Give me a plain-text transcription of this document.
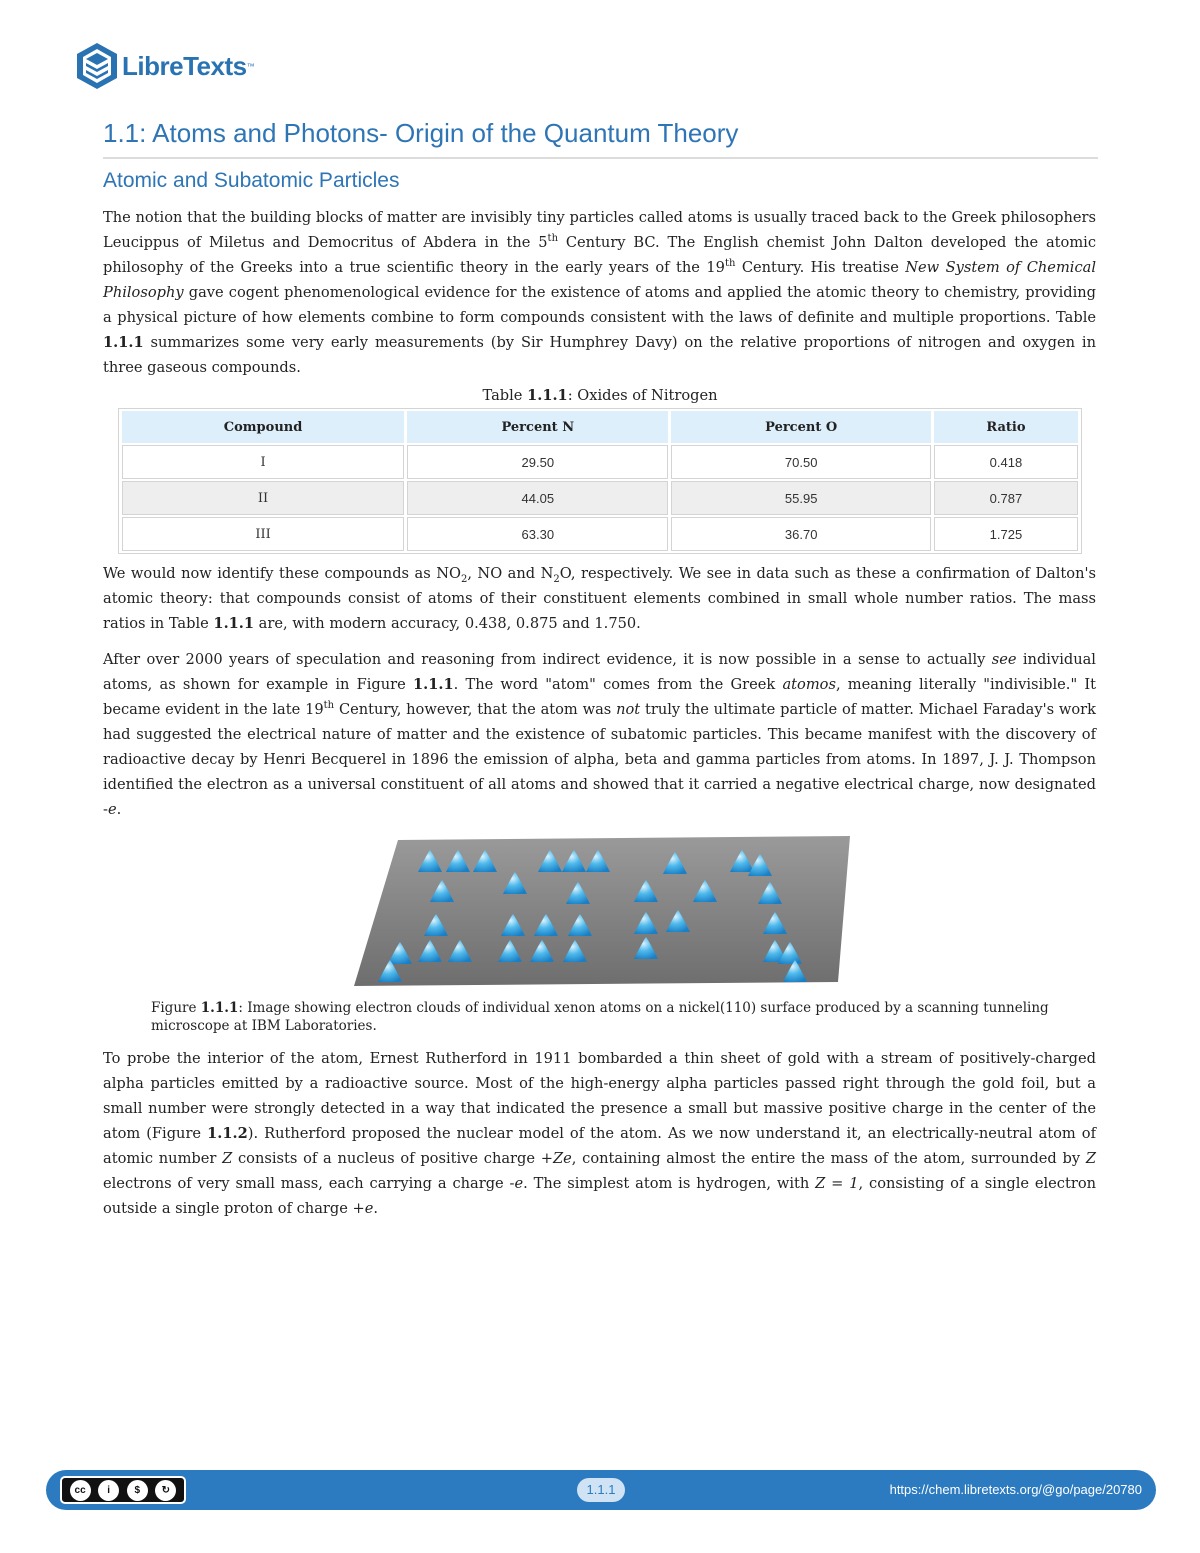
LibreTexts ™
1.1: Atoms and Photons- Origin of the Quantum Theory
Atomic and Subatomic Particles

The notion that the building blocks of matter are invisibly tiny particles called atoms is usually traced back to the Greek philosophers Leucippus of Miletus and Democritus of Abdera in the 5th Century BC. The English chemist John Dalton developed the atomic philosophy of the Greeks into a true scientific theory in the early years of the 19th Century. His treatise New System of Chemical Philosophy gave cogent phenomenological evidence for the existence of atoms and applied the atomic theory to chemistry, providing a physical picture of how elements combine to form compounds consistent with the laws of definite and multiple proportions. Table 1.1.1 summarizes some very early measurements (by Sir Humphrey Davy) on the relative proportions of nitrogen and oxygen in three gaseous compounds.

Table 1.1.1: Oxides of Nitrogen
Compound	Percent N	Percent O	Ratio
I	29.50	70.50	0.418
II	44.05	55.95	0.787
III	63.30	36.70	1.725

We would now identify these compounds as $NO_2$, NO and $N_2O$, respectively. We see in data such as these a confirmation of Dalton's atomic theory: that compounds consist of atoms of their constituent elements combined in small whole number ratios. The mass ratios in Table 1.1.1 are, with modern accuracy, 0.438, 0.875 and 1.750.

After over 2000 years of speculation and reasoning from indirect evidence, it is now possible in a sense to actually see individual atoms, as shown for example in Figure 1.1.1. The word "atom" comes from the Greek atomos, meaning literally "indivisible." It became evident in the late 19th Century, however, that the atom was not truly the ultimate particle of matter. Michael Faraday's work had suggested the electrical nature of matter and the existence of subatomic particles. This became manifest with the discovery of radioactive decay by Henri Becquerel in 1896 the emission of alpha, beta and gamma particles from atoms. In 1897, J. J. Thompson identified the electron as a universal constituent of all atoms and showed that it carried a negative electrical charge, now designated -e.

Figure 1.1.1: Image showing electron clouds of individual xenon atoms on a nickel(110) surface produced by a scanning tunneling microscope at IBM Laboratories.

To probe the interior of the atom, Ernest Rutherford in 1911 bombarded a thin sheet of gold with a stream of positively-charged alpha particles emitted by a radioactive source. Most of the high-energy alpha particles passed right through the gold foil, but a small number were strongly detected in a way that indicated the presence a small but massive positive charge in the center of the atom (Figure 1.1.2). Rutherford proposed the nuclear model of the atom. As we now understand it, an electrically-neutral atom of atomic number Z consists of a nucleus of positive charge +Ze, containing almost the entire the mass of the atom, surrounded by Z electrons of very small mass, each carrying a charge -e. The simplest atom is hydrogen, with Z = 1, consisting of a single electron outside a single proton of charge +e.

cc	i	$	↻	1.1.1	https://chem.libretexts.org/@go/page/20780
